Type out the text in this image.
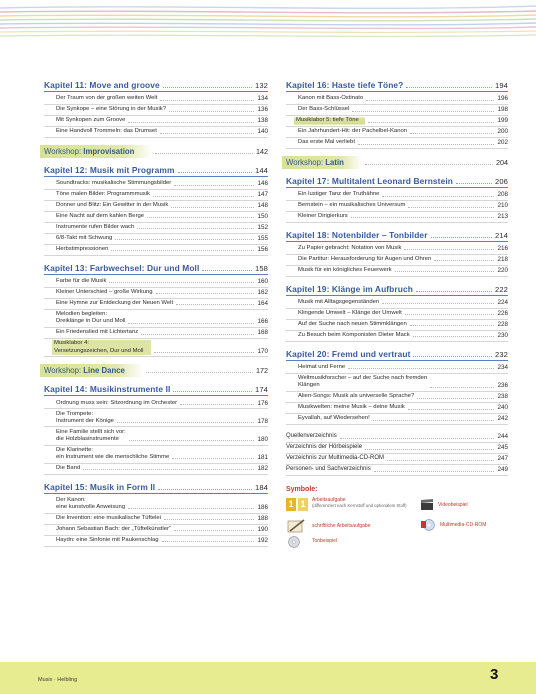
Kapitel 11: Move and groove	132
Der Traum von der großen weiten Welt	134
Die Synkope – eine Störung in der Musik?	136
Mit Synkopen zum Groove	138
Eine Handvoll Trommeln: das Drumset	140
Workshop: Improvisation	142
Kapitel 12: Musik mit Programm	144
Soundtracks: musikalische Stimmungsbilder	146
Töne malen Bilder: Programmmusik	147
Donner und Blitz: Ein Gewitter in der Musik	148
Eine Nacht auf dem kahlen Berge	150
Instrumente rufen Bilder wach	152
6/8-Takt mit Schwung	155
Herbstimpressionen	156
Kapitel 13: Farbwechsel: Dur und Moll	158
Farbe für die Musik	160
Kleiner Unterschied – große Wirkung	162
Eine Hymne zur Entdeckung der Neuen Welt	164
Melodien begleiten:
Dreiklänge in Dur und Moll	166
Ein Friedenslied mit Lichtertanz	168
Musiklabor 4:
Versetzungszeichen, Dur und Moll	170
Workshop: Line Dance	172
Kapitel 14: Musikinstrumente II	174
Ordnung muss sein: Sitzordnung im Orchester	176
Die Trompete:
Instrument der Könige	178
Eine Familie stellt sich vor:
die Holzblasinstrumente	180
Die Klarinette:
ein Instrument wie die menschliche Stimme	181
Die Band	182
Kapitel 15: Musik in Form II	184
Der Kanon:
eine kunstvolle Anweisung	186
Die Invention: eine musikalische Tüftelei	188
Johann Sebastian Bach: der „Tüftelkünstler“	190
Haydn: eine Sinfonie mit Paukenschlag	192
Kapitel 16: Haste tiefe Töne?	194
Kanon mit Bass-Ostinato	196
Der Bass-Schlüssel	198
Musiklabor 5: tiefe Töne	199
Ein Jahrhundert-Hit: der Pachelbel-Kanon	200
Das erste Mal verliebt	202
Workshop: Latin	204
Kapitel 17: Multitalent Leonard Bernstein	206
Ein lustiger Tanz der Truthähne	208
Bernstein – ein musikalisches Universum	210
Kleiner Dirigierkurs	213
Kapitel 18: Notenbilder – Tonbilder	214
Zu Papier gebracht: Notation von Musik	216
Die Partitur: Herausforderung für Augen und Ohren	218
Musik für ein königliches Feuerwerk	220
Kapitel 19: Klänge im Aufbruch	222
Musik mit Alltagsgegenständen	224
Klingende Umwelt – Klänge der Umwelt	226
Auf der Suche nach neuen Stimmklängen	228
Zu Besuch beim Komponisten Dieter Mack	230
Kapitel 20: Fremd und vertraut	232
Heimat und Ferne	234
Weltmusikforscher – auf der Suche nach fremden
Klängen	236
Alien-Songs: Musik als universelle Sprache?	238
Musikwelten: meine Musik – deine Musik	240
Eyvallah, auf Wiedersehen!	242
Quellenverzeichnis	244
Verzeichnis der Hörbeispiele	245
Verzeichnis zur Multimedia-CD-ROM	247
Personen- und Sachverzeichnis	249
Symbole:
1 1	Arbeitsaufgabe
(differenziert nach Kernstoff und optionalem Stoff)
schriftliche Arbeitsaufgabe
Tonbeispiel
Videobeispiel
Multimedia-CD-ROM
Musix · Helbling	3
